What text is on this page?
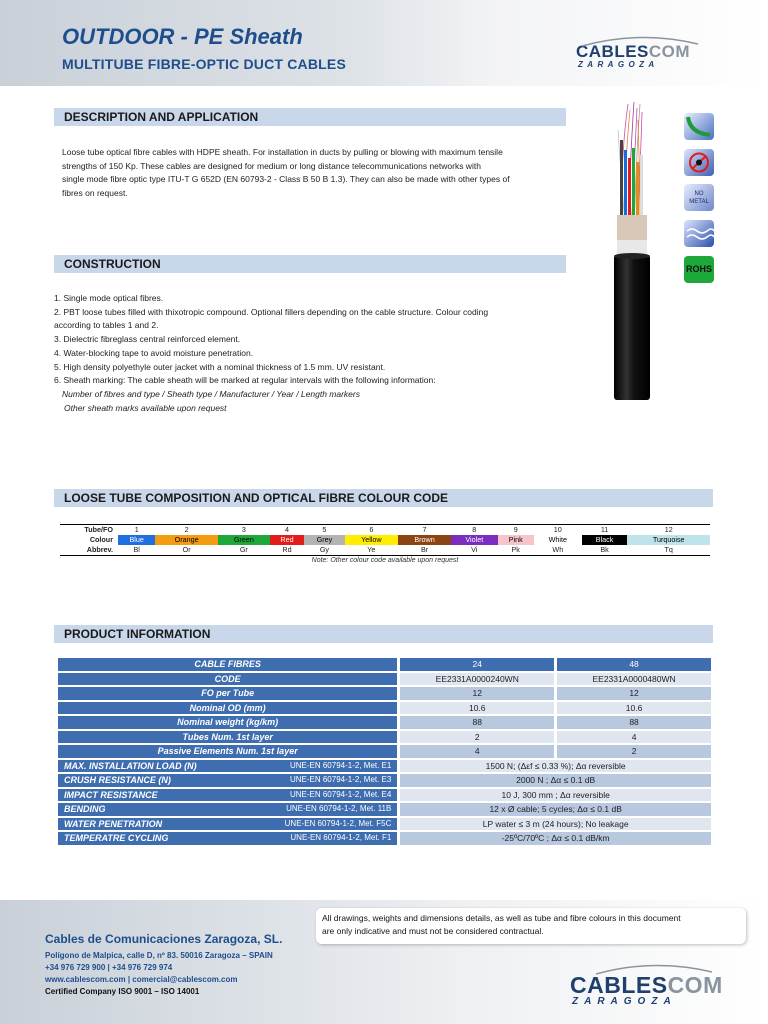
OUTDOOR - PE Sheath
MULTITUBE FIBRE-OPTIC DUCT CABLES
CABLESCOM
ZARAGOZA
DESCRIPTION AND APPLICATION
Loose tube optical fibre cables with HDPE sheath. For installation in ducts by pulling or blowing with maximum tensile
strengths of 150 Kp. These cables are designed for medium or long distance telecommunications networks with
single mode fibre optic type ITU-T G 652D (EN 60793-2 - Class B 50 B 1.3). They can also be made with other types of
fibres on request.	NO METAL
ROHS
CONSTRUCTION
1. Single mode optical fibres.
2. PBT loose tubes filled with thixotropic compound. Optional fillers depending on the cable structure. Colour coding
according to tables 1 and 2.
3. Dielectric fibreglass central reinforced element.
4. Water-blocking tape to avoid moisture penetration.
5. High density polyethyle outer jacket with a nominal thickness of 1.5 mm. UV resistant.
6. Sheath marking: The cable sheath will be marked at regular intervals with the following information:
Number of fibres and type / Sheath type / Manufacturer / Year / Length markers
Other sheath marks available upon request
LOOSE TUBE COMPOSITION AND OPTICAL FIBRE COLOUR CODE
Tube/FO	1	2	3	4	5	6	7	8	9	10	11	12
Colour	Blue	Orange	Green	Red	Grey	Yellow	Brown	Violet	Pink	White	Black	Turquoise
Abbrev.	Bl	Or	Gr	Rd	Gy	Ye	Br	Vi	Pk	Wh	Bk	Tq
Note: Other colour code available upon request
PRODUCT INFORMATION
CABLE FIBRES		24		48
CODE		EE2331A0000240WN		EE2331A0000480WN
FO per Tube		12		12
Nominal OD (mm)		10.6		10.6
Nominal weight (kg/km)		88		88
Tubes Num. 1st layer		2		4
Passive Elements Num. 1st layer		4		2
MAX. INSTALLATION LOAD (N) UNE-EN 60794-1-2, Met. E1		1500 N; (Δεf ≤ 0.33 %); Δα reversible		
CRUSH RESISTANCE (N) UNE-EN 60794-1-2, Met. E3		2000 N ; Δα ≤ 0.1 dB		
IMPACT RESISTANCE UNE-EN 60794-1-2, Met. E4		10 J, 300 mm ; Δα reversible		
BENDING UNE-EN 60794-1-2, Met. 11B		12 x Ø cable; 5 cycles; Δα ≤ 0.1 dB		
WATER PENETRATION UNE-EN 60794-1-2, Met. F5C		LP water ≤ 3 m (24 hours); No leakage		
TEMPERATRE CYCLING UNE-EN 60794-1-2, Met. F1		-25ºC/70ºC ; Δα ≤ 0.1 dB/km		
Cables de Comunicaciones Zaragoza, SL.
Polígono de Malpica, calle D, nº 83. 50016 Zaragoza – SPAIN
+34 976 729 900 | +34 976 729 974
www.cablescom.com | comercial@cablescom.com
Certified Company ISO 9001 – ISO 14001
All drawings, weights and dimensions details, as well as tube and fibre colours in this document
are only indicative and must not be considered contractual.
CABLESCOM
ZARAGOZA
